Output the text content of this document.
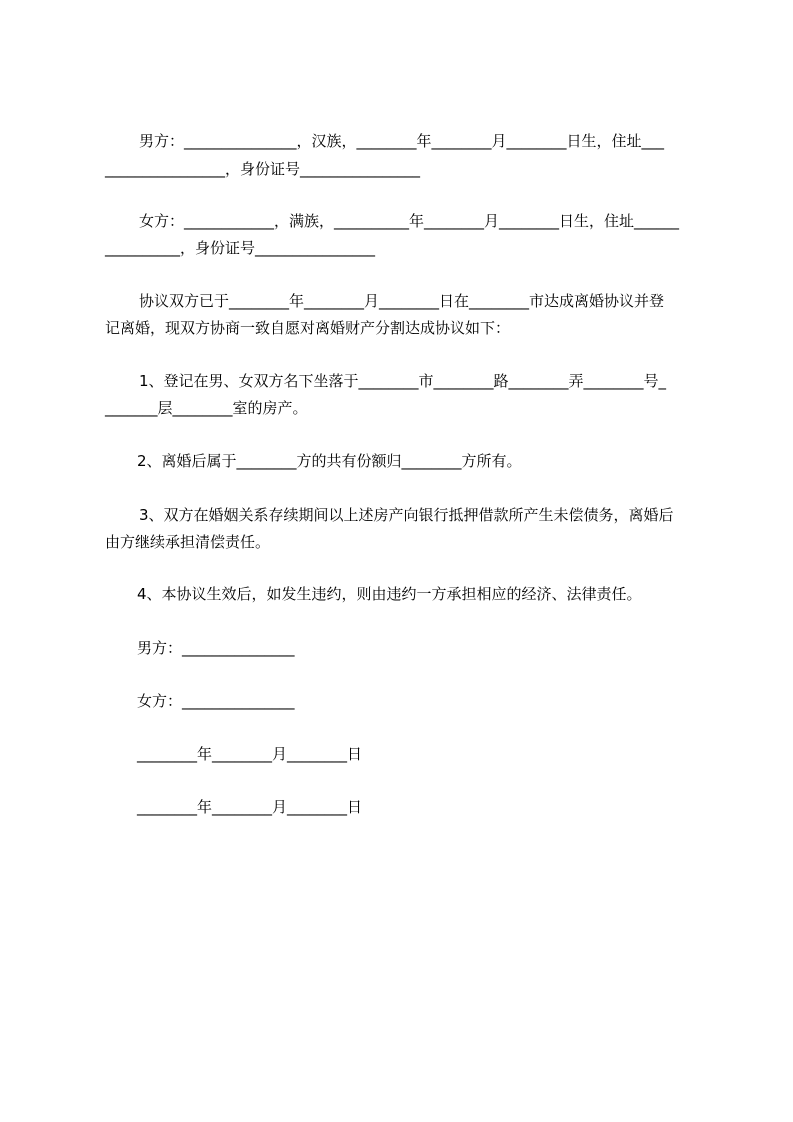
男方：_______________，汉族，________年________月________日生，住址___
________________，身份证号________________
女方：____________，满族，__________年________月________日生，住址______
__________，身份证号________________
协议双方已于________年________月________日在________市达成离婚协议并登
记离婚，现双方协商一致自愿对离婚财产分割达成协议如下：
1、登记在男、女双方名下坐落于________市________路________弄________号_
_______层________室的房产。
2、离婚后属于________方的共有份额归________方所有。
3、双方在婚姻关系存续期间以上述房产向银行抵押借款所产生未偿债务，离婚后
由方继续承担清偿责任。
4、本协议生效后，如发生违约，则由违约一方承担相应的经济、法律责任。
男方：_______________
女方：_______________
________年________月________日
________年________月________日
